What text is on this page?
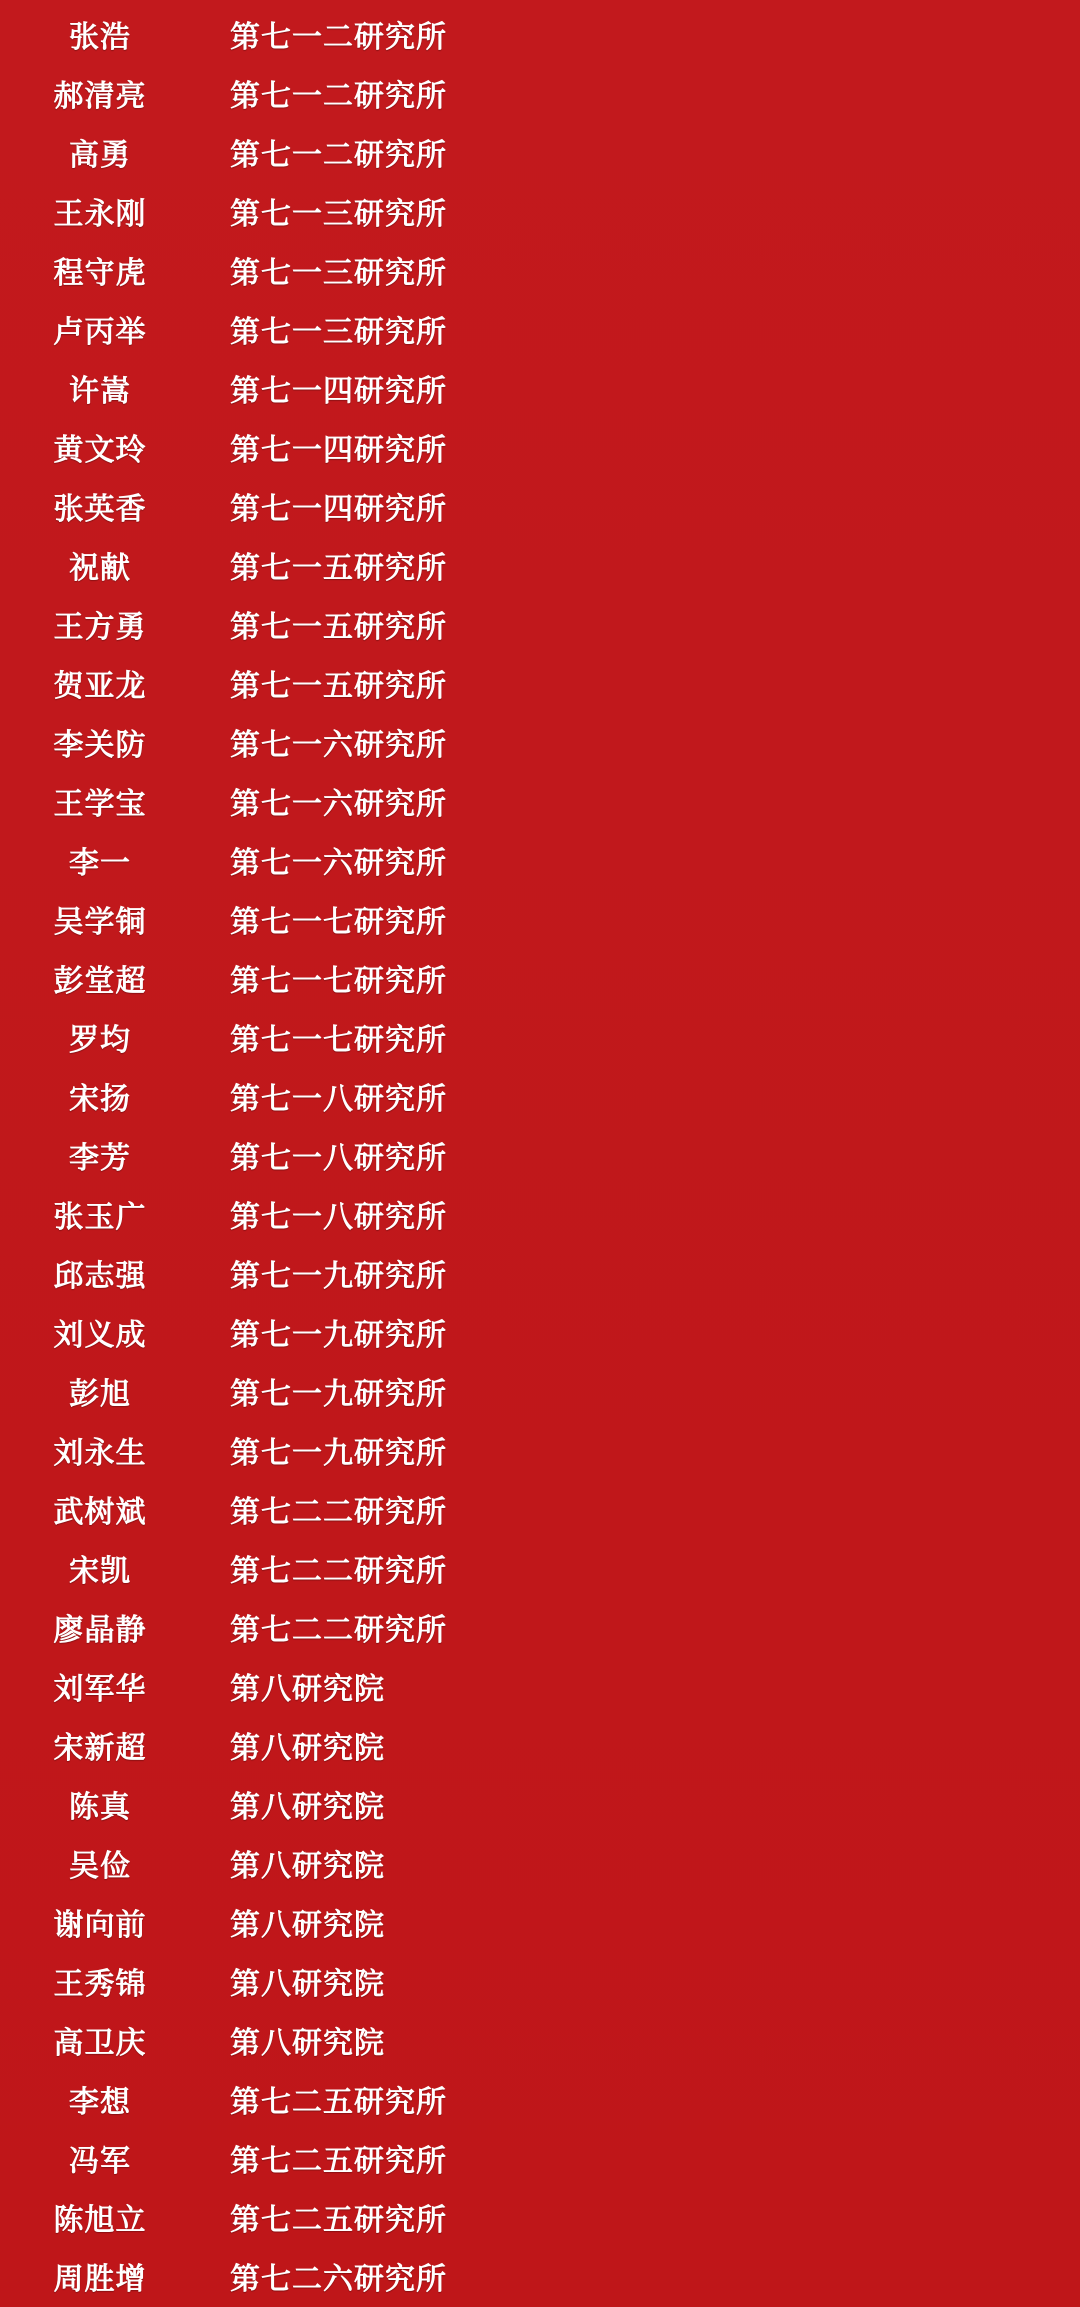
张浩	第七一二研究所
郝清亮	第七一二研究所
高勇	第七一二研究所
王永刚	第七一三研究所
程守虎	第七一三研究所
卢丙举	第七一三研究所
许嵩	第七一四研究所
黄文玲	第七一四研究所
张英香	第七一四研究所
祝献	第七一五研究所
王方勇	第七一五研究所
贺亚龙	第七一五研究所
李关防	第七一六研究所
王学宝	第七一六研究所
李一	第七一六研究所
吴学铜	第七一七研究所
彭堂超	第七一七研究所
罗均	第七一七研究所
宋扬	第七一八研究所
李芳	第七一八研究所
张玉广	第七一八研究所
邱志强	第七一九研究所
刘义成	第七一九研究所
彭旭	第七一九研究所
刘永生	第七一九研究所
武树斌	第七二二研究所
宋凯	第七二二研究所
廖晶静	第七二二研究所
刘军华	第八研究院
宋新超	第八研究院
陈真	第八研究院
吴俭	第八研究院
谢向前	第八研究院
王秀锦	第八研究院
高卫庆	第八研究院
李想	第七二五研究所
冯军	第七二五研究所
陈旭立	第七二五研究所
周胜增	第七二六研究所
